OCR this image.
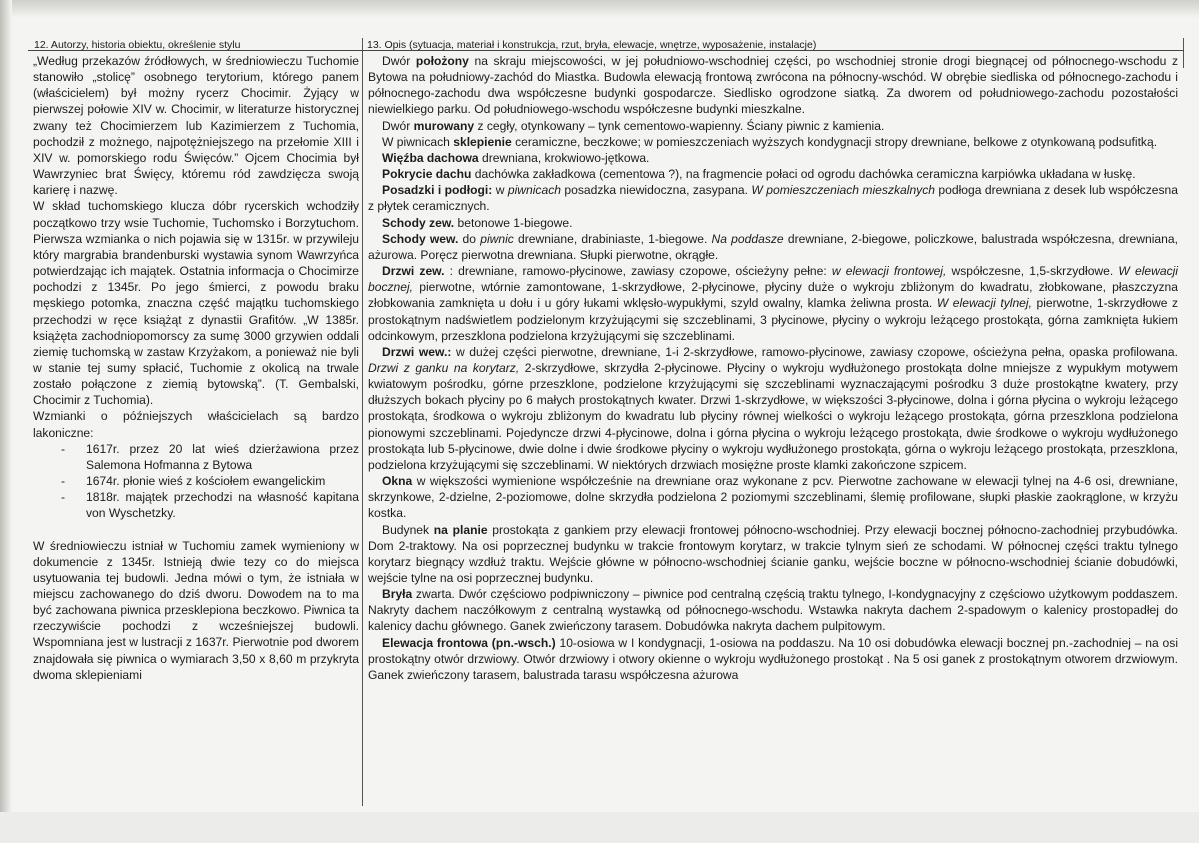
12. Autorzy, historia obiektu, określenie stylu	13. Opis (sytuacja, materiał i konstrukcja, rzut, bryła, elewacje, wnętrze, wyposażenie, instalacje)

„Według przekazów źródłowych, w średniowieczu Tuchomie stanowiło „stolicę” osobnego terytorium, którego panem (właścicielem) był możny rycerz Chocimir. Żyjący w pierwszej połowie XIV w. Chocimir, w literaturze historycznej zwany też Chocimierzem lub Kazimierzem z Tuchomia, pochodził z możnego, najpotężniejszego na przełomie XIII i XIV w. pomorskiego rodu Święców.” Ojcem Chocimia był Wawrzyniec brat Święcy, któremu ród zawdzięcza swoją karierę i nazwę.

W skład tuchomskiego klucza dóbr rycerskich wchodziły początkowo trzy wsie Tuchomie, Tuchomsko i Borzytuchom. Pierwsza wzmianka o nich pojawia się w 1315r. w przywileju który margrabia brandenburski wystawia synom Wawrzyńca potwierdzając ich majątek. Ostatnia informacja o Chocimirze pochodzi z 1345r. Po jego śmierci, z powodu braku męskiego potomka, znaczna część majątku tuchomskiego przechodzi w ręce książąt z dynastii Grafitów. „W 1385r. książęta zachodniopomorscy za sumę 3000 grzywien oddali ziemię tuchomską w zastaw Krzyżakom, a ponieważ nie byli w stanie tej sumy spłacić, Tuchomie z okolicą na trwale zostało połączone z ziemią bytowską”. (T. Gembalski, Chocimir z Tuchomia).

Wzmianki o późniejszych właścicielach są bardzo lakoniczne:

- 1617r. przez 20 lat wieś dzierżawiona przez Salemona Hofmanna z Bytowa
- 1674r. płonie wieś z kościołem ewangelickim
- 1818r. majątek przechodzi na własność kapitana von Wyschetzky.

W średniowieczu istniał w Tuchomiu zamek wymieniony w dokumencie z 1345r. Istnieją dwie tezy co do miejsca usytuowania tej budowli. Jedna mówi o tym, że istniała w miejscu zachowanego do dziś dworu. Dowodem na to ma być zachowana piwnica przesklepiona beczkowo. Piwnica ta rzeczywiście pochodzi z wcześniejszej budowli. Wspomniana jest w lustracji z 1637r. Pierwotnie pod dworem znajdowała się piwnica o wymiarach 3,50 x 8,60 m przykryta dwoma sklepieniami

Dwór położony na skraju miejscowości, w jej południowo-wschodniej części, po wschodniej stronie drogi biegnącej od północnego-wschodu z Bytowa na południowy-zachód do Miastka. Budowla elewacją frontową zwrócona na północny-wschód. W obrębie siedliska od północnego-zachodu i północnego-zachodu dwa współczesne budynki gospodarcze. Siedlisko ogrodzone siatką. Za dworem od południowego-zachodu pozostałości niewielkiego parku. Od południowego-wschodu współczesne budynki mieszkalne.

Dwór murowany z cegły, otynkowany – tynk cementowo-wapienny. Ściany piwnic z kamienia.

W piwnicach sklepienie ceramiczne, beczkowe; w pomieszczeniach wyższych kondygnacji stropy drewniane, belkowe z otynkowaną podsufitką.

Więźba dachowa drewniana, krokwiowo-jętkowa.

Pokrycie dachu dachówka zakładkowa (cementowa ?), na fragmencie połaci od ogrodu dachówka ceramiczna karpiówka układana w łuskę.

Posadzki i podłogi: w piwnicach posadzka niewidoczna, zasypana. W pomieszczeniach mieszkalnych podłoga drewniana z desek lub współczesna z płytek ceramicznych.

Schody zew. betonowe 1-biegowe.

Schody wew. do piwnic drewniane, drabiniaste, 1-biegowe. Na poddasze drewniane, 2-biegowe, policzkowe, balustrada współczesna, drewniana, ażurowa. Poręcz pierwotna drewniana. Słupki pierwotne, okrągłe.

Drzwi zew. : drewniane, ramowo-płycinowe, zawiasy czopowe, ościeżyny pełne: w elewacji frontowej, współczesne, 1,5-skrzydłowe. W elewacji bocznej, pierwotne, wtórnie zamontowane, 1-skrzydłowe, 2-płycinowe, płyciny duże o wykroju zbliżonym do kwadratu, złobkowane, płaszczyzna złobkowania zamknięta u dołu i u góry łukami wklęsło-wypukłymi, szyld owalny, klamka żeliwna prosta. W elewacji tylnej, pierwotne, 1-skrzydłowe z prostokątnym nadświetlem podzielonym krzyżującymi się szczeblinami, 3 płycinowe, płyciny o wykroju leżącego prostokąta, górna zamknięta łukiem odcinkowym, przeszklona podzielona krzyżującymi się szczeblinami.

Drzwi wew.: w dużej części pierwotne, drewniane, 1-i 2-skrzydłowe, ramowo-płycinowe, zawiasy czopowe, ościeżyna pełna, opaska profilowana. Drzwi z ganku na korytarz, 2-skrzydłowe, skrzydła 2-płycinowe. Płyciny o wykroju wydłużonego prostokąta dolne mniejsze z wypukłym motywem kwiatowym pośrodku, górne przeszklone, podzielone krzyżującymi się szczeblinami wyznaczającymi pośrodku 3 duże prostokątne kwatery, przy dłuższych bokach płyciny po 6 małych prostokątnych kwater. Drzwi 1-skrzydłowe, w większości 3-płycinowe, dolna i górna płycina o wykroju leżącego prostokąta, środkowa o wykroju zbliżonym do kwadratu lub płyciny równej wielkości o wykroju leżącego prostokąta, górna przeszklona podzielona pionowymi szczeblinami. Pojedyncze drzwi 4-płycinowe, dolna i górna płycina o wykroju leżącego prostokąta, dwie środkowe o wykroju wydłużonego prostokąta lub 5-płycinowe, dwie dolne i dwie środkowe płyciny o wykroju wydłużonego prostokąta, górna o wykroju leżącego prostokąta, przeszklona, podzielona krzyżującymi się szczeblinami. W niektórych drzwiach mosiężne proste klamki zakończone szpicem.

Okna w większości wymienione współcześnie na drewniane oraz wykonane z pcv. Pierwotne zachowane w elewacji tylnej na 4-6 osi, drewniane, skrzynkowe, 2-dzielne, 2-poziomowe, dolne skrzydła podzielona 2 poziomymi szczeblinami, ślemię profilowane, słupki płaskie zaokrąglone, w krzyżu kostka.

Budynek na planie prostokąta z gankiem przy elewacji frontowej północno-wschodniej. Przy elewacji bocznej północno-zachodniej przybudówka. Dom 2-traktowy. Na osi poprzecznej budynku w trakcie frontowym korytarz, w trakcie tylnym sień ze schodami. W północnej części traktu tylnego korytarz biegnący wzdłuż traktu. Wejście główne w północno-wschodniej ścianie ganku, wejście boczne w północno-wschodniej ścianie dobudówki, wejście tylne na osi poprzecznej budynku.

Bryła zwarta. Dwór częściowo podpiwniczony – piwnice pod centralną częścią traktu tylnego, I-kondygnacyjny z częściowo użytkowym poddaszem. Nakryty dachem naczółkowym z centralną wystawką od północnego-wschodu. Wstawka nakryta dachem 2-spadowym o kalenicy prostopadłej do kalenicy dachu głównego. Ganek zwieńczony tarasem. Dobudówka nakryta dachem pulpitowym.

Elewacja frontowa (pn.-wsch.) 10-osiowa w I kondygnacji, 1-osiowa na poddaszu. Na 10 osi dobudówka elewacji bocznej pn.-zachodniej – na osi prostokątny otwór drzwiowy. Otwór drzwiowy i otwory okienne o wykroju wydłużonego prostokąt . Na 5 osi ganek z prostokątnym otworem drzwiowym. Ganek zwieńczony tarasem, balustrada tarasu współczesna ażurowa
